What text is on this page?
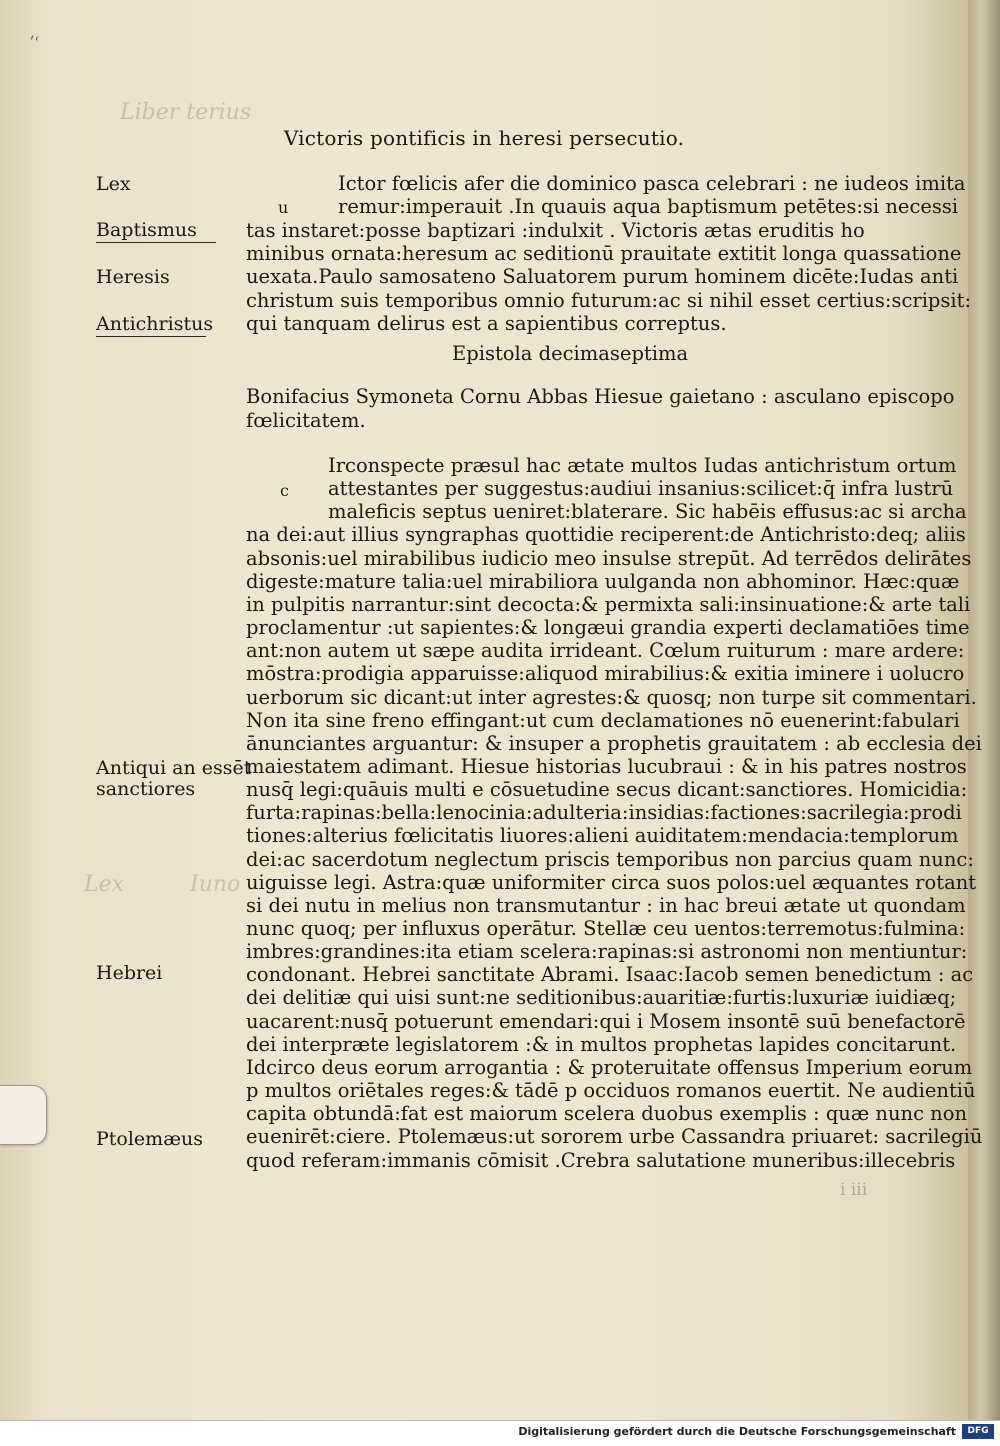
Liber terius
Lex	Iuno
ʹʿ
Victoris pontificis in heresi persecutio.
u
Ictor fœlicis afer die dominico pasca celebrari : ne iudeos imita
remur:imperauit .In quauis aqua baptismum petētes:si necessi
tas instaret:posse baptizari :indulxit . Victoris ætas eruditis ho
minibus ornata:heresum ac seditionū prauitate extitit longa quassatione
uexata.Paulo samosateno Saluatorem purum hominem dicēte:Iudas anti
christum suis temporibus omnio futurum:ac si nihil esset certius:scripsit:
qui tanquam delirus est a sapientibus correptus.
Epistola decimaseptima
Bonifacius Symoneta Cornu Abbas Hiesue gaietano : asculano episcopo
fœlicitatem.
c
Irconspecte præsul hac ætate multos Iudas antichristum ortum
attestantes per suggestus:audiui insanius:scilicet:q̄ infra lustrū
maleficis septus ueniret:blaterare. Sic habēis effusus:ac si archa
na dei:aut illius syngraphas quottidie reciperent:de Antichristo:deq; aliis
absonis:uel mirabilibus iudicio meo insulse strepūt. Ad terrēdos delirātes
digeste:mature talia:uel mirabiliora uulganda non abhominor. Hæc:quæ
in pulpitis narrantur:sint decocta:& permixta sali:insinuatione:& arte tali
proclamentur :ut sapientes:& longæui grandia experti declamatiōes time
ant:non autem ut sæpe audita irrideant. Cœlum ruiturum : mare ardere:
mōstra:prodigia apparuisse:aliquod mirabilius:& exitia iminere i uolucro
uerborum sic dicant:ut inter agrestes:& quosq; non turpe sit commentari.
Non ita sine freno effingant:ut cum declamationes nō euenerint:fabulari
ānunciantes arguantur: & insuper a prophetis grauitatem : ab ecclesia dei
maiestatem adimant. Hiesue historias lucubraui : & in his patres nostros
nusq̄ legi:quāuis multi e cōsuetudine secus dicant:sanctiores. Homicidia:
furta:rapinas:bella:lenocinia:adulteria:insidias:factiones:sacrilegia:prodi
tiones:alterius fœlicitatis liuores:alieni auiditatem:mendacia:templorum
dei:ac sacerdotum neglectum priscis temporibus non parcius quam nunc:
uiguisse legi. Astra:quæ uniformiter circa suos polos:uel æquantes rotant
si dei nutu in melius non transmutantur : in hac breui ætate ut quondam
nunc quoq; per influxus operātur. Stellæ ceu uentos:terremotus:fulmina:
imbres:grandines:ita etiam scelera:rapinas:si astronomi non mentiuntur:
condonant. Hebrei sanctitate Abrami. Isaac:Iacob semen benedictum : ac
dei delitiæ qui uisi sunt:ne seditionibus:auaritiæ:furtis:luxuriæ iuidiæq;
uacarent:nusq̄ potuerunt emendari:qui i Mosem insontē suū benefactorē
dei interpræte legislatorem :& in multos prophetas lapides concitarunt.
Idcirco deus eorum arrogantia : & proteruitate offensus Imperium eorum
p multos oriētales reges:& tādē p occiduos romanos euertit. Ne audientiū
capita obtundā:fat est maiorum scelera duobus exemplis : quæ nunc non
euenirēt:ciere. Ptolemæus:ut sororem urbe Cassandra priuaret: sacrilegiū
quod referam:immanis cōmisit .Crebra salutatione muneribus:illecebris
Lex
Baptismus
Heresis
Antichristus
Antiqui an essēt
sanctiores
Hebrei
Ptolemæus
i iii
Digitalisierung gefördert durch die Deutsche Forschungsgemeinschaft	DFG
